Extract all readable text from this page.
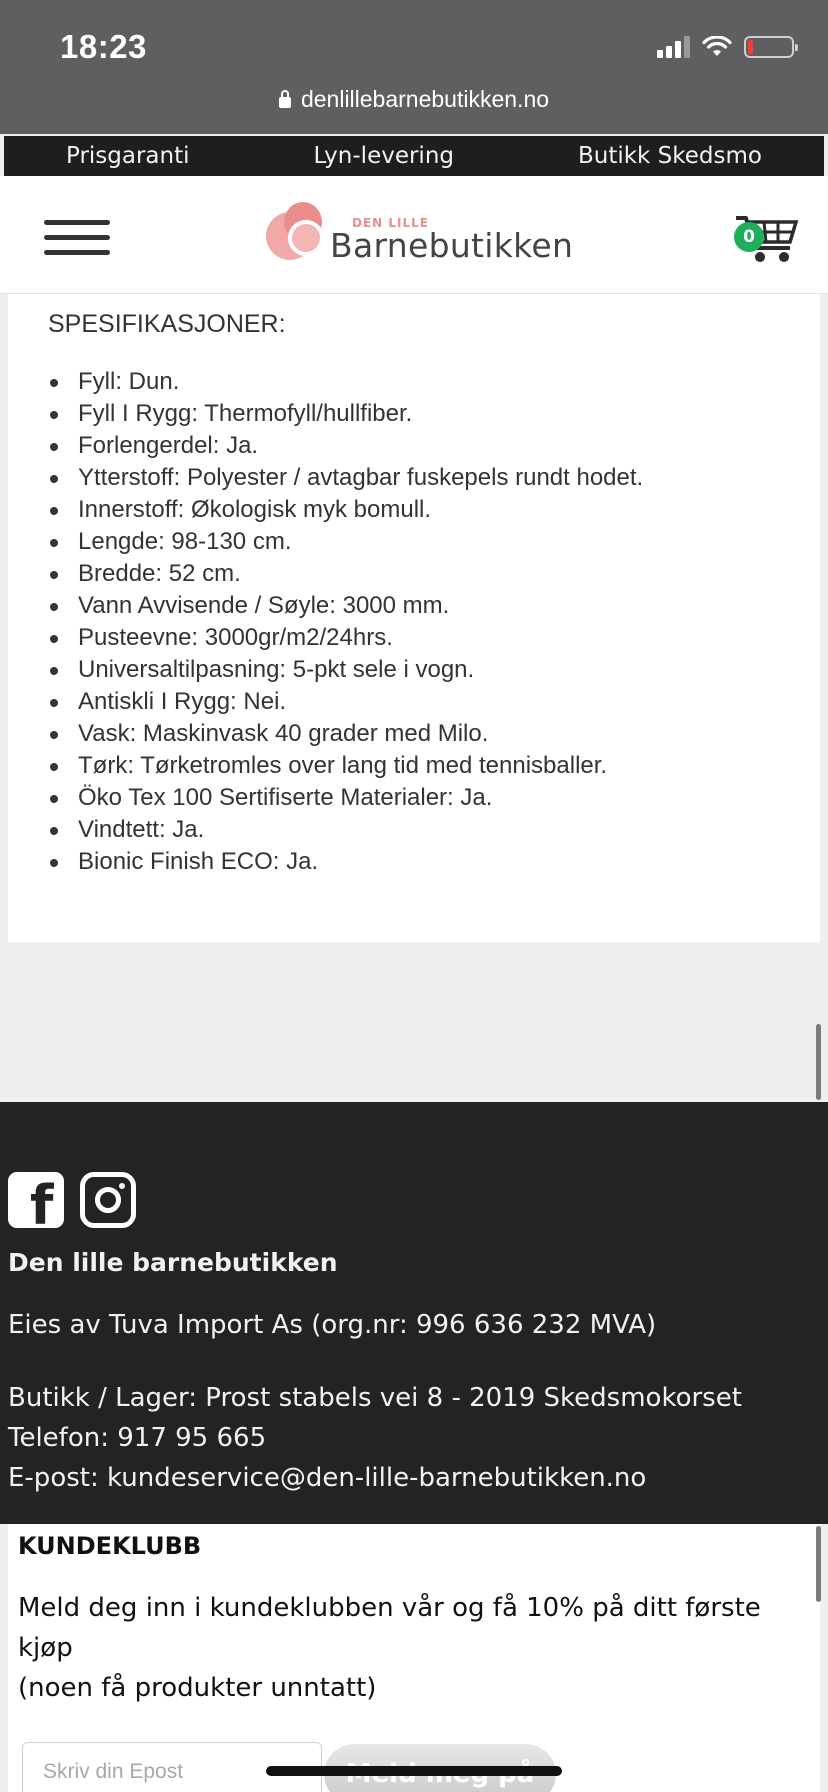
18:23
denlillebarnebutikken.no
Prisgaranti	Lyn-levering	Butikk Skedsmo
DEN LILLE
Barnebutikken	0
SPESIFIKASJONER:
Fyll: Dun.
Fyll I Rygg: Thermofyll/hullfiber.
Forlengerdel: Ja.
Ytterstoff: Polyester / avtagbar fuskepels rundt hodet.
Innerstoff: Økologisk myk bomull.
Lengde: 98-130 cm.
Bredde: 52 cm.
Vann Avvisende / Søyle: 3000 mm.
Pusteevne: 3000gr/m2/24hrs.
Universaltilpasning: 5-pkt sele i vogn.
Antiskli I Rygg: Nei.
Vask: Maskinvask 40 grader med Milo.
Tørk: Tørketromles over lang tid med tennisballer.
Öko Tex 100 Sertifiserte Materialer: Ja.
Vindtett: Ja.
Bionic Finish ECO: Ja.
f
Den lille barnebutikken
Eies av Tuva Import As (org.nr: 996 636 232 MVA)
Butikk / Lager: Prost stabels vei 8 - 2019 Skedsmokorset
Telefon: 917 95 665
E-post: kundeservice@den-lille-barnebutikken.no
KUNDEKLUBB
Meld deg inn i kundeklubben vår og få 10% på ditt første kjøp
(noen få produkter unntatt)
Skriv din Epost
